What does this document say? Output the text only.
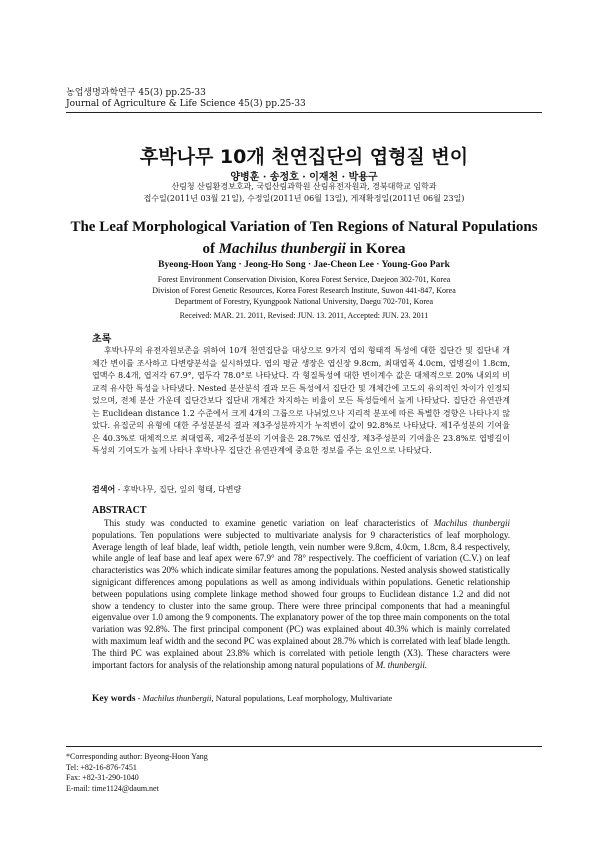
농업생명과학연구 45(3) pp.25-33
Journal of Agriculture & Life Science 45(3) pp.25-33
후박나무 10개 천연집단의 엽형질 변이
양병훈 · 송정호 · 이재천 · 박용구
산림청 산림환경보호과, 국립산림과학원 산림유전자원과, 경북대학교 임학과
접수일(2011년 03월 21일), 수정일(2011년 06월 13일), 게재확정일(2011년 06월 23일)
The Leaf Morphological Variation of Ten Regions of Natural Populations
of Machilus thunbergii in Korea
Byeong-Hoon Yang · Jeong-Ho Song · Jae-Cheon Lee · Young-Goo Park
Forest Environment Conservation Division, Korea Forest Service, Daejeon 302-701, Korea
Division of Forest Genetic Resources, Korea Forest Research Institute, Suwon 441-847, Korea
Department of Forestry, Kyungpook National University, Daegu 702-701, Korea
Received: MAR. 21. 2011, Revised: JUN. 13. 2011, Accepted: JUN. 23. 2011
초록

후박나무의 유전자원보존을 위하여 10개 천연집단을 대상으로 9가지 엽의 형태적 특성에 대한 집단간 및 집단내 개체간 변이를 조사하고 다변량분석을 실시하였다. 엽의 평균 생장은 엽신장 9.8cm, 최대엽폭 4.0cm, 엽병길이 1.8cm, 엽맥수 8.4개, 엽저각 67.9°, 엽두각 78.0°로 나타났다. 각 형질특성에 대한 변이계수 값은 대체적으로 20% 내외의 비교적 유사한 특성을 나타냈다. Nested 분산분석 결과 모든 특성에서 집단간 및 개체간에 고도의 유의적인 차이가 인정되었으며, 전체 분산 가운데 집단간보다 집단내 개체간 차지하는 비율이 모든 특성들에서 높게 나타났다. 집단간 유연관계는 Euclidean distance 1.2 수준에서 크게 4개의 그룹으로 나뉘었으나 지리적 분포에 따른 특별한 경향은 나타나지 않았다. 유집군의 유형에 대한 주성분분석 결과 제3주성분까지가 누적변이 값이 92.8%로 나타났다. 제1주성분의 기여율은 40.3%로 대체적으로 최대엽폭, 제2주성분의 기여율은 28.7%로 엽신장, 제3주성분의 기여율은 23.8%로 엽병길이 특성의 기여도가 높게 나타나 후박나무 집단간 유연관계에 중요한 정보를 주는 요인으로 나타났다.

검색어 - 후박나무, 집단, 잎의 형태, 다변량
ABSTRACT

This study was conducted to examine genetic variation on leaf characteristics of Machilus thunbergii populations. Ten populations were subjected to multivariate analysis for 9 characteristics of leaf morphology. Average length of leaf blade, leaf width, petiole length, vein number were 9.8cm, 4.0cm, 1.8cm, 8.4 respectively, while angle of leaf base and leaf apex were 67.9° and 78° respectively. The coefficient of variation (C.V.) on leaf characteristics was 20% which indicate similar features among the populations. Nested analysis showed statistically signigicant differences among populations as well as among individuals within populations. Genetic relationship between populations using complete linkage method showed four groups to Euclidean distance 1.2 and did not show a tendency to cluster into the same group. There were three principal components that had a meaningful eigenvalue over 1.0 among the 9 components. The explanatory power of the top three main components on the total variation was 92.8%. The first principal component (PC) was explained about 40.3% which is mainly correlated with maximum leaf width and the second PC was explained about 28.7% which is correlated with leaf blade length. The third PC was explained about 23.8% which is correlated with petiole length (X3). These characters were important factors for analysis of the relationship among natural populations of M. thunbergii.

Key words - Machilus thunbergii, Natural populations, Leaf morphology, Multivariate
*Corresponding author: Byeong-Hoon Yang
Tel: +82-16-876-7451
Fax: +82-31-290-1040
E-mail: time1124@daum.net
